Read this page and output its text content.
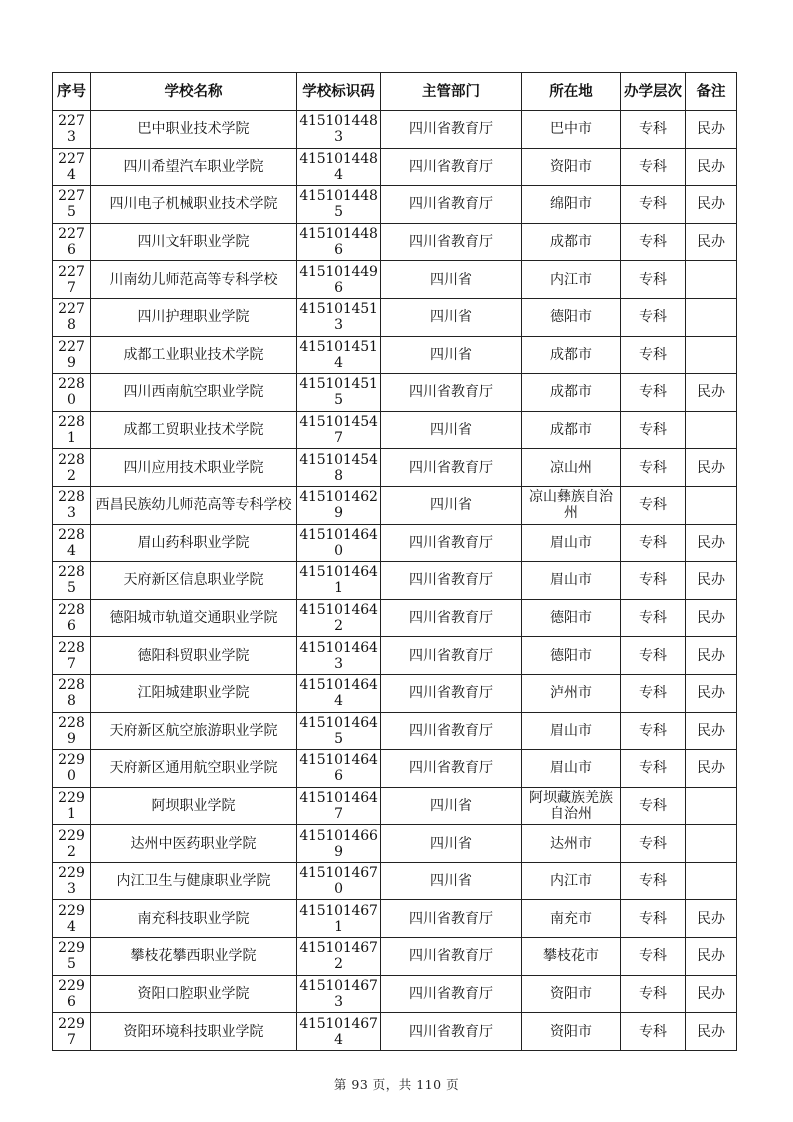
序号	学校名称	学校标识码	主管部门	所在地	办学层次	备注
2273	巴中职业技术学院	4151014483	四川省教育厅	巴中市	专科	民办
2274	四川希望汽车职业学院	4151014484	四川省教育厅	资阳市	专科	民办
2275	四川电子机械职业技术学院	4151014485	四川省教育厅	绵阳市	专科	民办
2276	四川文轩职业学院	4151014486	四川省教育厅	成都市	专科	民办
2277	川南幼儿师范高等专科学校	4151014496	四川省	内江市	专科	
2278	四川护理职业学院	4151014513	四川省	德阳市	专科	
2279	成都工业职业技术学院	4151014514	四川省	成都市	专科	
2280	四川西南航空职业学院	4151014515	四川省教育厅	成都市	专科	民办
2281	成都工贸职业技术学院	4151014547	四川省	成都市	专科	
2282	四川应用技术职业学院	4151014548	四川省教育厅	凉山州	专科	民办
2283	西昌民族幼儿师范高等专科学校	4151014629	四川省	凉山彝族自治州	专科	
2284	眉山药科职业学院	4151014640	四川省教育厅	眉山市	专科	民办
2285	天府新区信息职业学院	4151014641	四川省教育厅	眉山市	专科	民办
2286	德阳城市轨道交通职业学院	4151014642	四川省教育厅	德阳市	专科	民办
2287	德阳科贸职业学院	4151014643	四川省教育厅	德阳市	专科	民办
2288	江阳城建职业学院	4151014644	四川省教育厅	泸州市	专科	民办
2289	天府新区航空旅游职业学院	4151014645	四川省教育厅	眉山市	专科	民办
2290	天府新区通用航空职业学院	4151014646	四川省教育厅	眉山市	专科	民办
2291	阿坝职业学院	4151014647	四川省	阿坝藏族羌族自治州	专科	
2292	达州中医药职业学院	4151014669	四川省	达州市	专科	
2293	内江卫生与健康职业学院	4151014670	四川省	内江市	专科	
2294	南充科技职业学院	4151014671	四川省教育厅	南充市	专科	民办
2295	攀枝花攀西职业学院	4151014672	四川省教育厅	攀枝花市	专科	民办
2296	资阳口腔职业学院	4151014673	四川省教育厅	资阳市	专科	民办
2297	资阳环境科技职业学院	4151014674	四川省教育厅	资阳市	专科	民办
第 93 页，共 110 页
